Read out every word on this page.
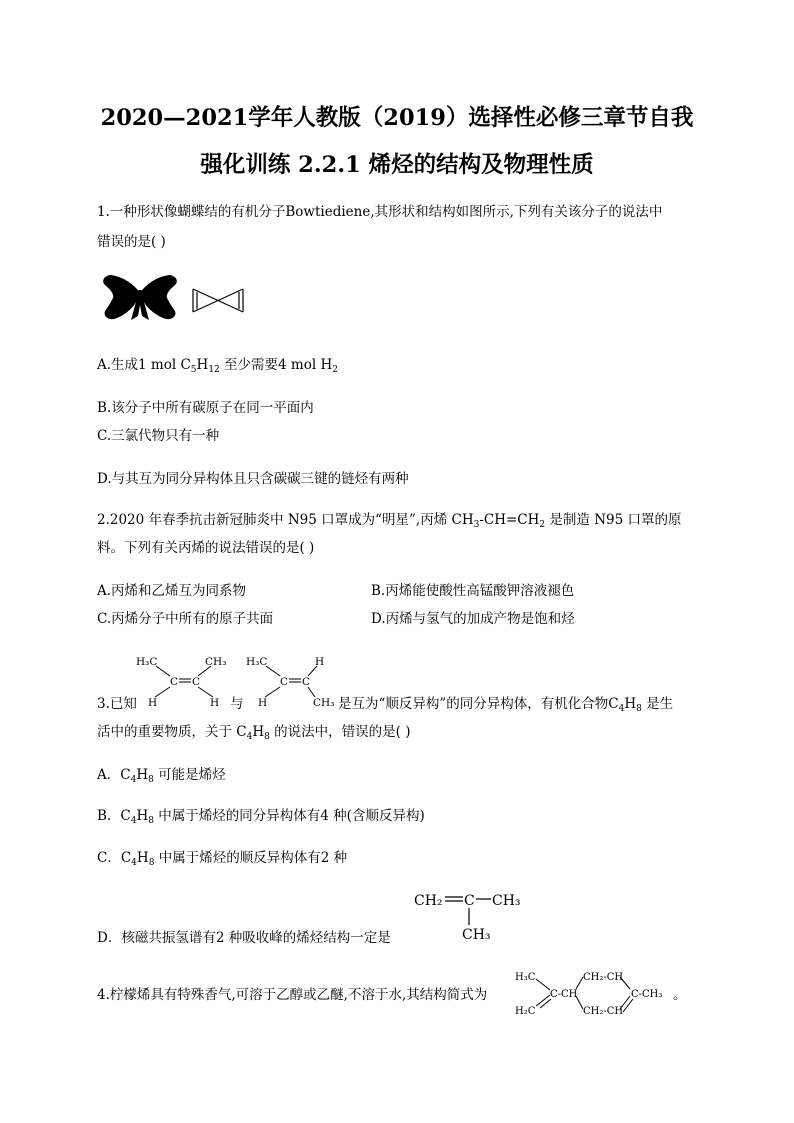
2020—2021学年人教版（2019）选择性必修三章节自我
强化训练 2.2.1 烯烃的结构及物理性质
1.一种形状像蝴蝶结的有机分子Bowtiediene,其形状和结构如图所示,下列有关该分子的说法中
错误的是( )
A.生成1 mol $C_5H_{12}$ 至少需要4 mol $H_2$
B.该分子中所有碳原子在同一平面内
C.三氯代物只有一种
D.与其互为同分异构体且只含碳碳三键的链烃有两种
2.2020 年春季抗击新冠肺炎中 N95 口罩成为“明星”,丙烯 $CH_3-CH=CH_2$ 是制造 N95 口罩的原
料。下列有关丙烯的说法错误的是( )
A.丙烯和乙烯互为同系物	B.丙烯能使酸性高锰酸钾溶液褪色
C.丙烯分子中所有的原子共面	D.丙烯与氢气的加成产物是饱和烃
H₃C	CH₃
C C
H	H
H₃C	H
C C
H	CH₃
3.已知	与	是互为“顺反异构”的同分异构体，有机化合物$C_4H_8$ 是生
活中的重要物质，关于 $C_4H_8$ 的说法中，错误的是( )
A．$C_4H_8$ 可能是烯烃
B．$C_4H_8$ 中属于烯烃的同分异构体有4 种(含顺反异构)
C．$C_4H_8$ 中属于烯烃的顺反异构体有2 种
CH₂ C CH₃
CH₃
D．核磁共振氢谱有2 种吸收峰的烯烃结构一定是
4.柠檬烯具有特殊香气,可溶于乙醇或乙醚,不溶于水,其结构简式为
H₃C
H₂C
C-CH
CH₂-CH
CH₂-CH
C-CH₃ 。
